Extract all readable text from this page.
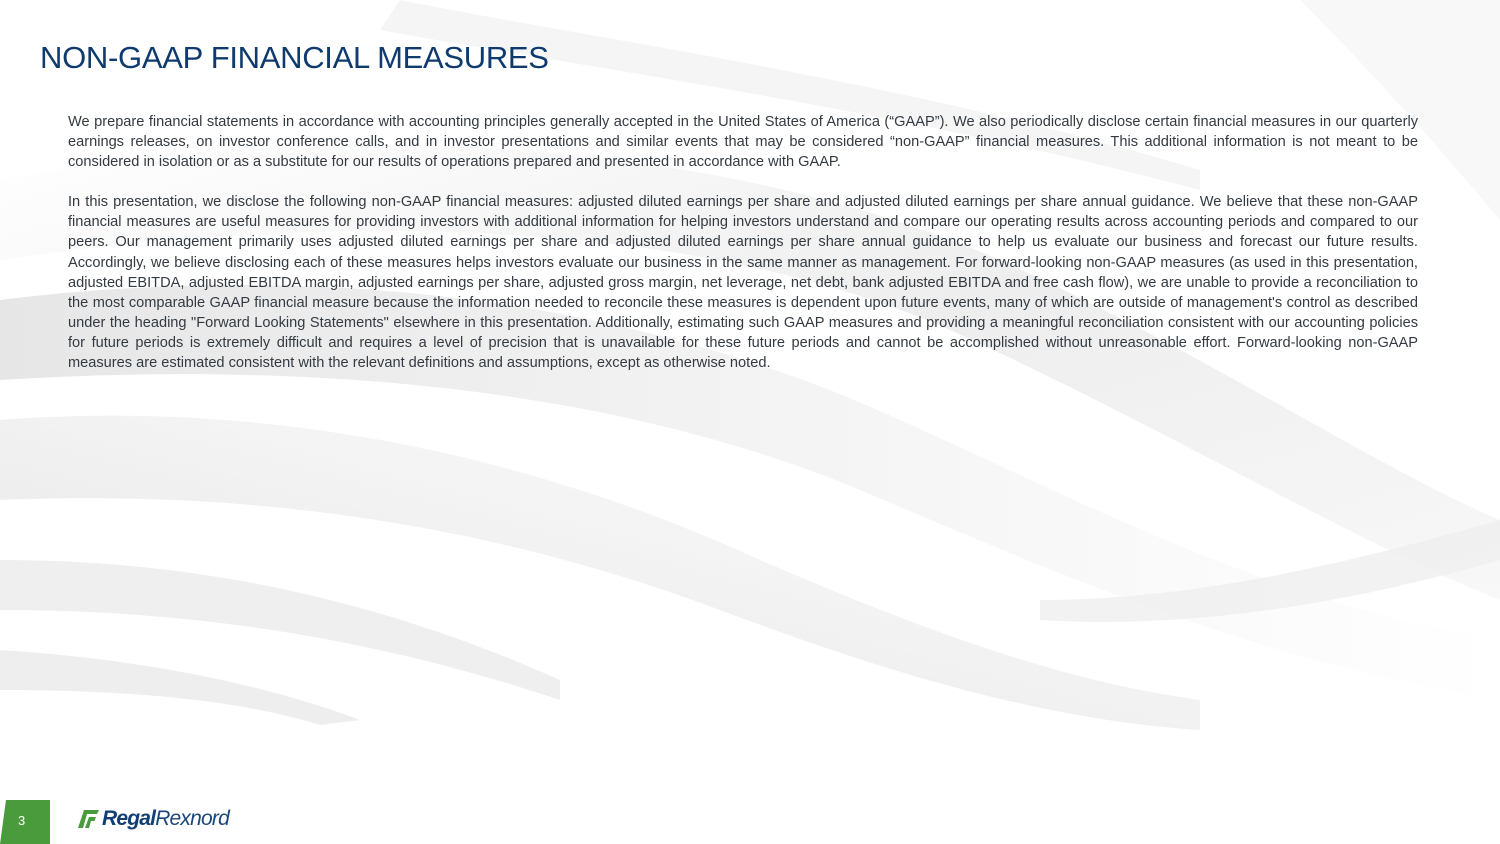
NON-GAAP FINANCIAL MEASURES

We prepare financial statements in accordance with accounting principles generally accepted in the United States of America (“GAAP”). We also periodically disclose certain financial measures in our quarterly earnings releases, on investor conference calls, and in investor presentations and similar events that may be considered “non-GAAP” financial measures. This additional information is not meant to be considered in isolation or as a substitute for our results of operations prepared and presented in accordance with GAAP.

In this presentation, we disclose the following non-GAAP financial measures: adjusted diluted earnings per share and adjusted diluted earnings per share annual guidance. We believe that these non-GAAP financial measures are useful measures for providing investors with additional information for helping investors understand and compare our operating results across accounting periods and compared to our peers. Our management primarily uses adjusted diluted earnings per share and adjusted diluted earnings per share annual guidance to help us evaluate our business and forecast our future results. Accordingly, we believe disclosing each of these measures helps investors evaluate our business in the same manner as management. For forward-looking non-GAAP measures (as used in this presentation, adjusted EBITDA, adjusted EBITDA margin, adjusted earnings per share, adjusted gross margin, net leverage, net debt, bank adjusted EBITDA and free cash flow), we are unable to provide a reconciliation to the most comparable GAAP financial measure because the information needed to reconcile these measures is dependent upon future events, many of which are outside of management's control as described under the heading "Forward Looking Statements" elsewhere in this presentation. Additionally, estimating such GAAP measures and providing a meaningful reconciliation consistent with our accounting policies for future periods is extremely difficult and requires a level of precision that is unavailable for these future periods and cannot be accomplished without unreasonable effort. Forward-looking non-GAAP measures are estimated consistent with the relevant definitions and assumptions, except as otherwise noted.

3	RegalRexnord
